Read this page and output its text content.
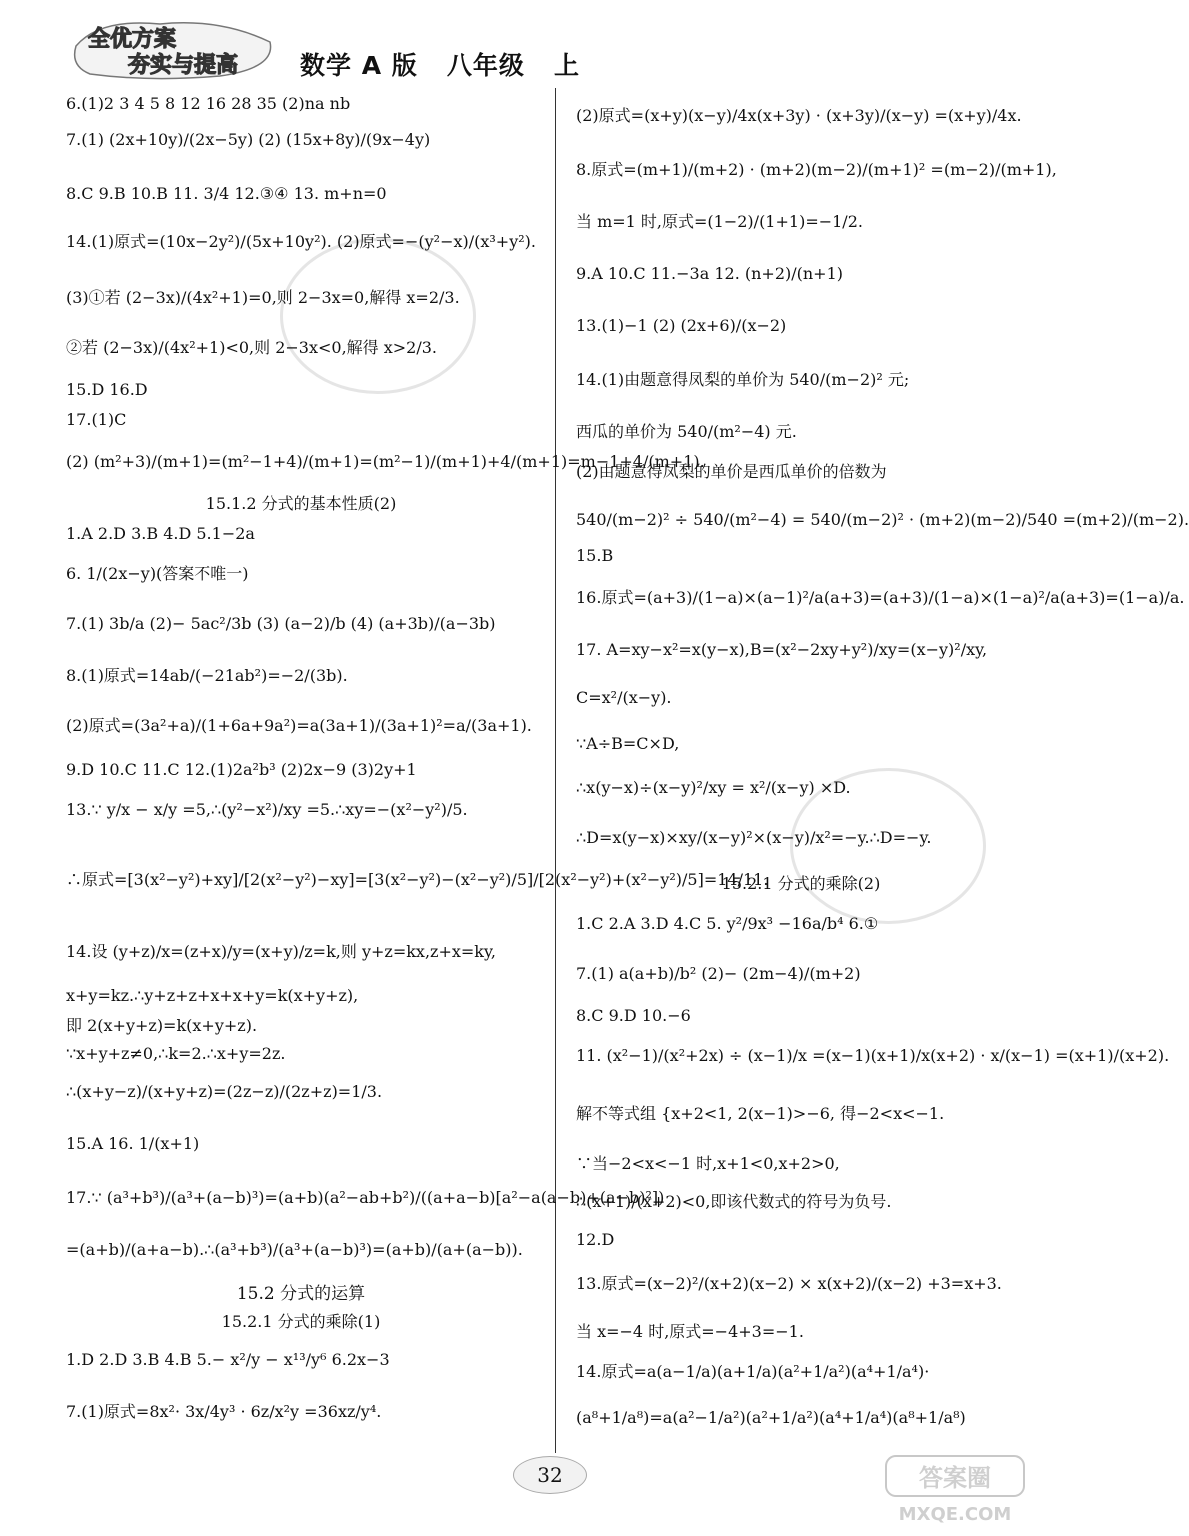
全优方案
夯实与提高 数学 A 版   八年级   上
6.(1)2 3 4 5 8 12 16 28 35 (2)na nb
7.(1) (2x+10y)/(2x−5y) (2) (15x+8y)/(9x−4y)
8.C 9.B 10.B 11. 3/4 12.③④ 13. m+n=0
14.(1)原式=(10x−2y²)/(5x+10y²). (2)原式=−(y²−x)/(x³+y²).
(3)①若 (2−3x)/(4x²+1)=0,则 2−3x=0,解得 x=2/3.
②若 (2−3x)/(4x²+1)<0,则 2−3x<0,解得 x>2/3.
15.D 16.D
17.(1)C
(2) (m²+3)/(m+1)=(m²−1+4)/(m+1)=(m²−1)/(m+1)+4/(m+1)=m−1+4/(m+1).
15.1.2 分式的基本性质(2)
1.A 2.D 3.B 4.D 5.1−2a
6. 1/(2x−y)(答案不唯一)
7.(1) 3b/a (2)− 5ac²/3b (3) (a−2)/b (4) (a+3b)/(a−3b)
8.(1)原式=14ab/(−21ab²)=−2/(3b).
(2)原式=(3a²+a)/(1+6a+9a²)=a(3a+1)/(3a+1)²=a/(3a+1).
9.D 10.C 11.C 12.(1)2a²b³ (2)2x−9 (3)2y+1
13.∵ y/x − x/y =5,∴(y²−x²)/xy =5.∴xy=−(x²−y²)/5.
∴原式=[3(x²−y²)+xy]/[2(x²−y²)−xy]=[3(x²−y²)−(x²−y²)/5]/[2(x²−y²)+(x²−y²)/5]=14/11.
14.设 (y+z)/x=(z+x)/y=(x+y)/z=k,则 y+z=kx,z+x=ky,
x+y=kz.∴y+z+z+x+x+y=k(x+y+z),
即 2(x+y+z)=k(x+y+z).
∵x+y+z≠0,∴k=2.∴x+y=2z.
∴(x+y−z)/(x+y+z)=(2z−z)/(2z+z)=1/3.
15.A 16. 1/(x+1)
17.∵ (a³+b³)/(a³+(a−b)³)=(a+b)(a²−ab+b²)/((a+a−b)[a²−a(a−b)+(a−b)²])
=(a+b)/(a+a−b).∴(a³+b³)/(a³+(a−b)³)=(a+b)/(a+(a−b)).
15.2 分式的运算
15.2.1 分式的乘除(1)
1.D 2.D 3.B 4.B 5.− x²/y − x¹³/y⁶ 6.2x−3
7.(1)原式=8x²· 3x/4y³ · 6z/x²y =36xz/y⁴.
(2)原式=(x+y)(x−y)/4x(x+3y) · (x+3y)/(x−y) =(x+y)/4x.
8.原式=(m+1)/(m+2) · (m+2)(m−2)/(m+1)² =(m−2)/(m+1),
当 m=1 时,原式=(1−2)/(1+1)=−1/2.
9.A 10.C 11.−3a 12. (n+2)/(n+1)
13.(1)−1 (2) (2x+6)/(x−2)
14.(1)由题意得凤梨的单价为 540/(m−2)² 元;
西瓜的单价为 540/(m²−4) 元.
(2)由题意得凤梨的单价是西瓜单价的倍数为
540/(m−2)² ÷ 540/(m²−4) = 540/(m−2)² · (m+2)(m−2)/540 =(m+2)/(m−2).
15.B
16.原式=(a+3)/(1−a)×(a−1)²/a(a+3)=(a+3)/(1−a)×(1−a)²/a(a+3)=(1−a)/a.
17. A=xy−x²=x(y−x),B=(x²−2xy+y²)/xy=(x−y)²/xy,
C=x²/(x−y).
∵A÷B=C×D,
∴x(y−x)÷(x−y)²/xy = x²/(x−y) ×D.
∴D=x(y−x)×xy/(x−y)²×(x−y)/x²=−y.∴D=−y.
15.2.1 分式的乘除(2)
1.C 2.A 3.D 4.C 5. y²/9x³ −16a/b⁴ 6.①
7.(1) a(a+b)/b² (2)− (2m−4)/(m+2)
8.C 9.D 10.−6
11. (x²−1)/(x²+2x) ÷ (x−1)/x =(x−1)(x+1)/x(x+2) · x/(x−1) =(x+1)/(x+2).
解不等式组 {x+2<1, 2(x−1)>−6, 得−2<x<−1.
∵当−2<x<−1 时,x+1<0,x+2>0,
∴(x+1)/(x+2)<0,即该代数式的符号为负号.
12.D
13.原式=(x−2)²/(x+2)(x−2) × x(x+2)/(x−2) +3=x+3.
当 x=−4 时,原式=−4+3=−1.
14.原式=a(a−1/a)(a+1/a)(a²+1/a²)(a⁴+1/a⁴)·
(a⁸+1/a⁸)=a(a²−1/a²)(a²+1/a²)(a⁴+1/a⁴)(a⁸+1/a⁸)
32	答案圈
MXQE.COM
